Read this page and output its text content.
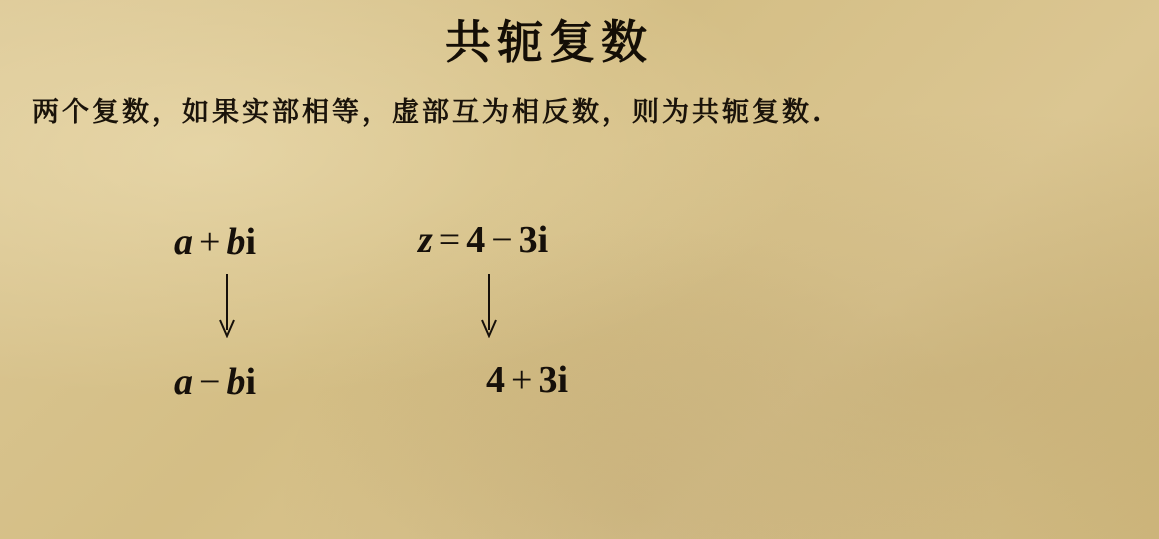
共轭复数
两个复数，如果实部相等，虚部互为相反数，则为共轭复数.
a + bi
a − bi
z = 4 − 3i
4 + 3i
